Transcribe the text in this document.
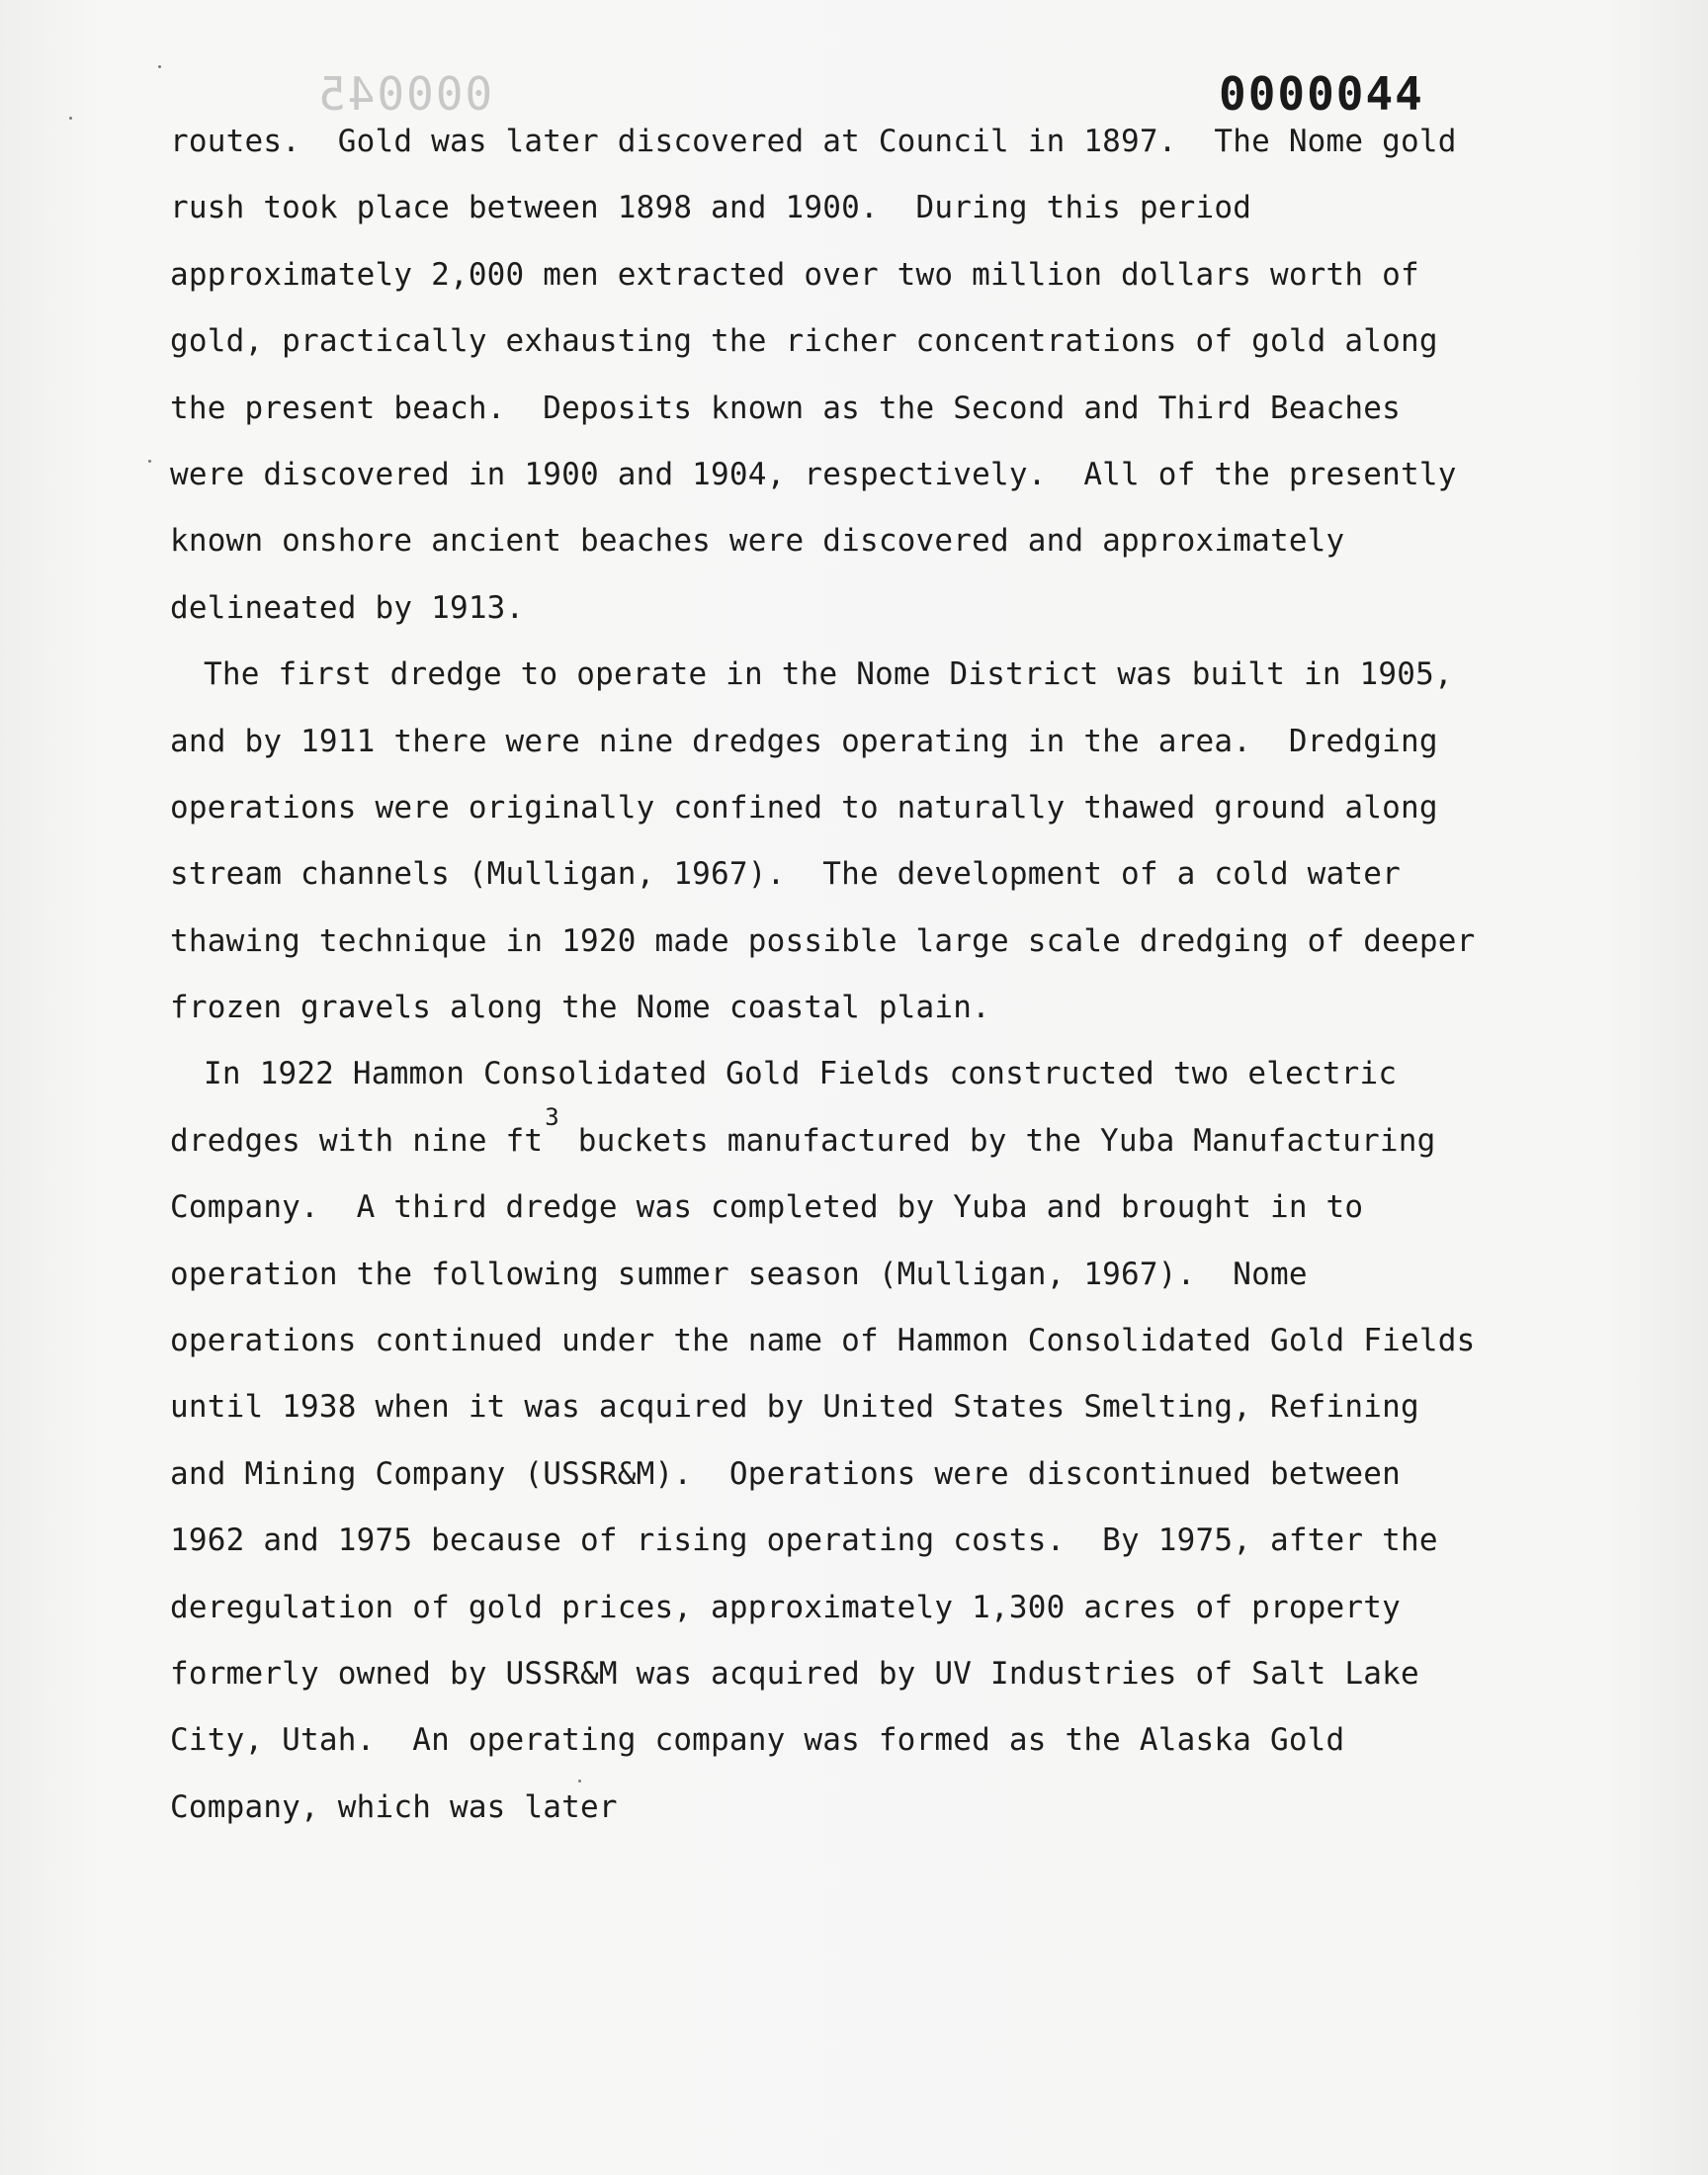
000045	0000044
routes.  Gold was later discovered at Council in 1897.  The Nome gold
rush took place between 1898 and 1900.  During this period
approximately 2,000 men extracted over two million dollars worth of
gold, practically exhausting the richer concentrations of gold along
the present beach.  Deposits known as the Second and Third Beaches
were discovered in 1900 and 1904, respectively.  All of the presently
known onshore ancient beaches were discovered and approximately
delineated by 1913.
The first dredge to operate in the Nome District was built in 1905,
and by 1911 there were nine dredges operating in the area.  Dredging
operations were originally confined to naturally thawed ground along
stream channels (Mulligan, 1967).  The development of a cold water
thawing technique in 1920 made possible large scale dredging of deeper
frozen gravels along the Nome coastal plain.
In 1922 Hammon Consolidated Gold Fields constructed two electric
dredges with nine $ft^3$ buckets manufactured by the Yuba Manufacturing
Company.  A third dredge was completed by Yuba and brought in to
operation the following summer season (Mulligan, 1967).  Nome
operations continued under the name of Hammon Consolidated Gold Fields
until 1938 when it was acquired by United States Smelting, Refining
and Mining Company (USSR&M).  Operations were discontinued between
1962 and 1975 because of rising operating costs.  By 1975, after the
deregulation of gold prices, approximately 1,300 acres of property
formerly owned by USSR&M was acquired by UV Industries of Salt Lake
City, Utah.  An operating company was formed as the Alaska Gold
Company, which was later
